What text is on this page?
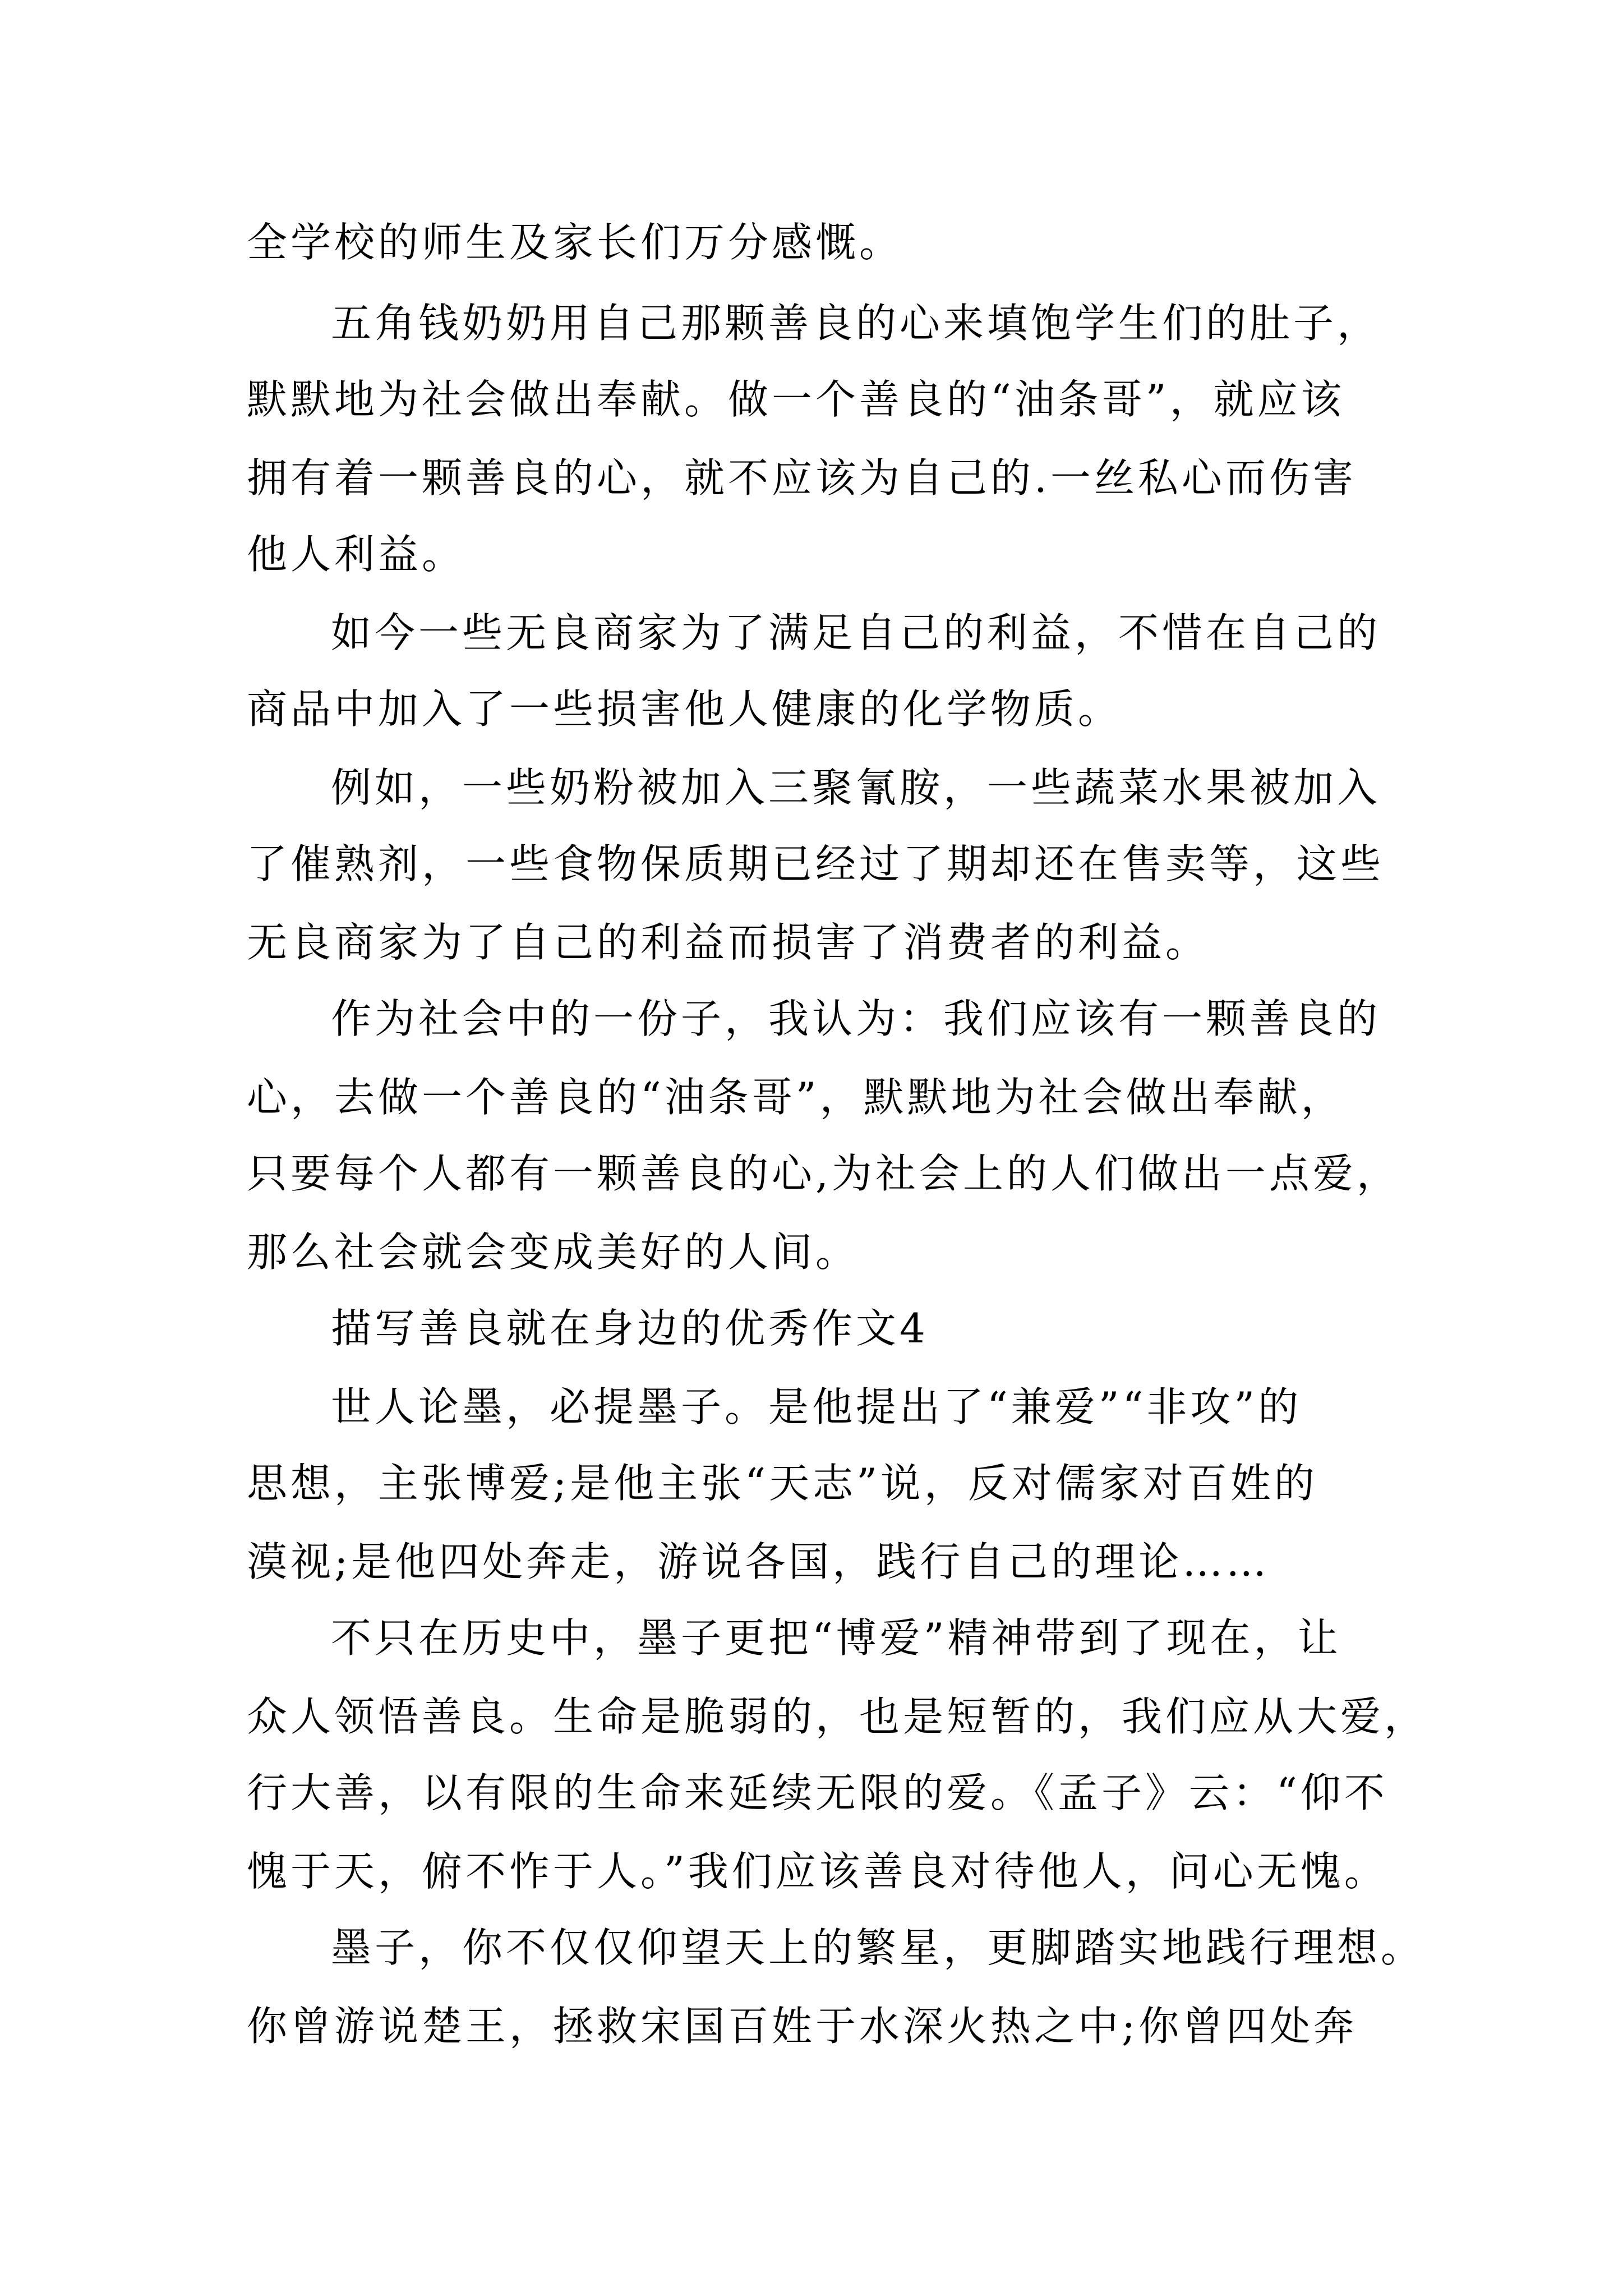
全学校的师生及家长们万分感慨。
五角钱奶奶用自己那颗善良的心来填饱学生们的肚子，
默默地为社会做出奉献。做一个善良的“油条哥”，就应该
拥有着一颗善良的心，就不应该为自己的.一丝私心而伤害
他人利益。
如今一些无良商家为了满足自己的利益，不惜在自己的
商品中加入了一些损害他人健康的化学物质。
例如，一些奶粉被加入三聚氰胺，一些蔬菜水果被加入
了催熟剂，一些食物保质期已经过了期却还在售卖等，这些
无良商家为了自己的利益而损害了消费者的利益。
作为社会中的一份子，我认为：我们应该有一颗善良的
心，去做一个善良的“油条哥”，默默地为社会做出奉献，
只要每个人都有一颗善良的心,为社会上的人们做出一点爱，
那么社会就会变成美好的人间。
描写善良就在身边的优秀作文4
世人论墨，必提墨子。是他提出了“兼爱”“非攻”的
思想，主张博爱;是他主张“天志”说，反对儒家对百姓的
漠视;是他四处奔走，游说各国，践行自己的理论……
不只在历史中，墨子更把“博爱”精神带到了现在，让
众人领悟善良。生命是脆弱的，也是短暂的，我们应从大爱，
行大善，以有限的生命来延续无限的爱。《孟子》云：“仰不
愧于天，俯不怍于人。”我们应该善良对待他人，问心无愧。
墨子，你不仅仅仰望天上的繁星，更脚踏实地践行理想。
你曾游说楚王，拯救宋国百姓于水深火热之中;你曾四处奔
